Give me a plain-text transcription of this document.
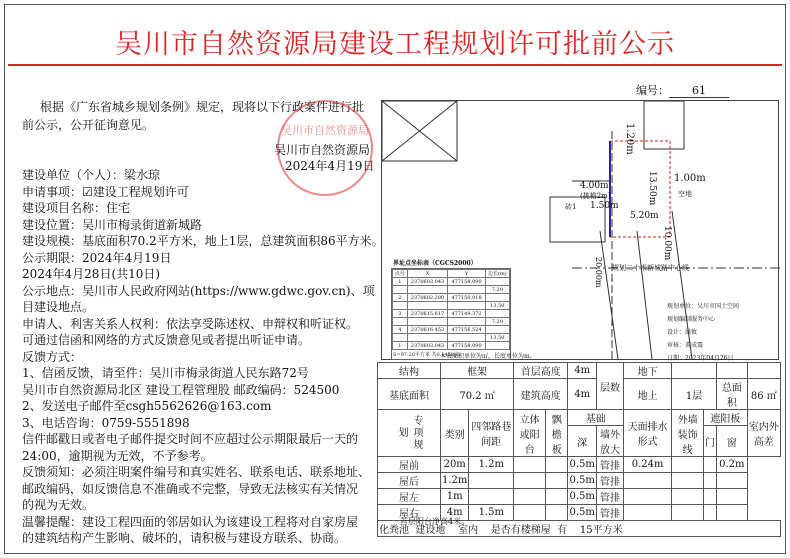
吴川市自然资源局建设工程规划许可批前公示
编号： 61
根据《广东省城乡规划条例》规定，现将以下行政案件进行批
前公示，公开征询意见。	吴川市自然资源局
吴川市自然资源局
2024年4月19日
建设单位（个人）：梁水琼
申请事项：☑建设工程规划许可
建设项目名称：住宅
建设位置：吴川市梅录街道新城路
建设规模：基底面积70.2平方米，地上1层，总建筑面积86平方米。
公示期限：2024年4月19日
2024年4月28日(共10日)
公示地点：吴川市人民政府网站(https://www.gdwc.gov.cn)、项
目建设地点。
申请人、利害关系人权利：依法享受陈述权、申辩权和听证权。
可通过信函和网络的方式反馈意见或者提出听证申请。
反馈方式：
1、信函反馈，请至件：吴川市梅录街道人民东路72号
吴川市自然资源局北区 建设工程管理股 邮政编码：524500
2、发送电子邮件至csgh5562626@163.com
3、电话咨询：0759-5551898
信件邮戳日或者电子邮件提交时间不应超过公示期限最后一天的
24:00，逾期视为无效，不予参考。
反馈须知：必须注明案件编号和真实姓名、联系电话、联系地址、
邮政编码，如反馈信息不准确或不完整，导致无法核实有关情况
的视为无效。
温馨提醒：建设工程四面的邻居如认为该建设工程将对自家房屋
的建筑结构产生影响、破坏的，请积极与建设方联系、协商。
1.20m
13.50m 1.00m
4.00m
(挑檐2m)
1.50m
5.20m
10.00m
20.00m
空地
砖1
规划二十米新城路中心线
界址点坐标表（CGCS2000）
点号	X	Y	边长(m)
1	2370603.043	477158.090	
			7.20
2	2370602.280	477150.918	
			13.50
3	2370615.617	477149.372	
			7.20
4	2370616.452	477156.524	
			13.50
1	2370603.043	477158.090	
S=97.20平方米 共0.1458亩
本表面积单位为㎡，长度单位为m。
规划单位：吴川市国土空间
规划编制服务中心
设计：洪攸
审核：董成震
日期：2023年04月26日
结构	框架		首层高度		4m	层数	地下				
基底面积	70.2 ㎡		建筑高度		4m		地上	1层		总面积	86 ㎡
专项规划	类别	四邻路巷间距	立体或阳台	飘檐板	基础		天面排水形式	外墙装饰线	遮阳板		室内外高差
					深	墙外放大			门	窗	
屋前	20m	1.2m			0.5m	管排	0.24m			0.2m	
屋后	1.2m				0.5m	管排					
屋左	1m				0.5m	管排					
屋右	4m	1.5m			0.5m	管排					
化粪池 建设地 室内 是否有楼梯屋 有 15平方米											
首层阳台净高4米。
